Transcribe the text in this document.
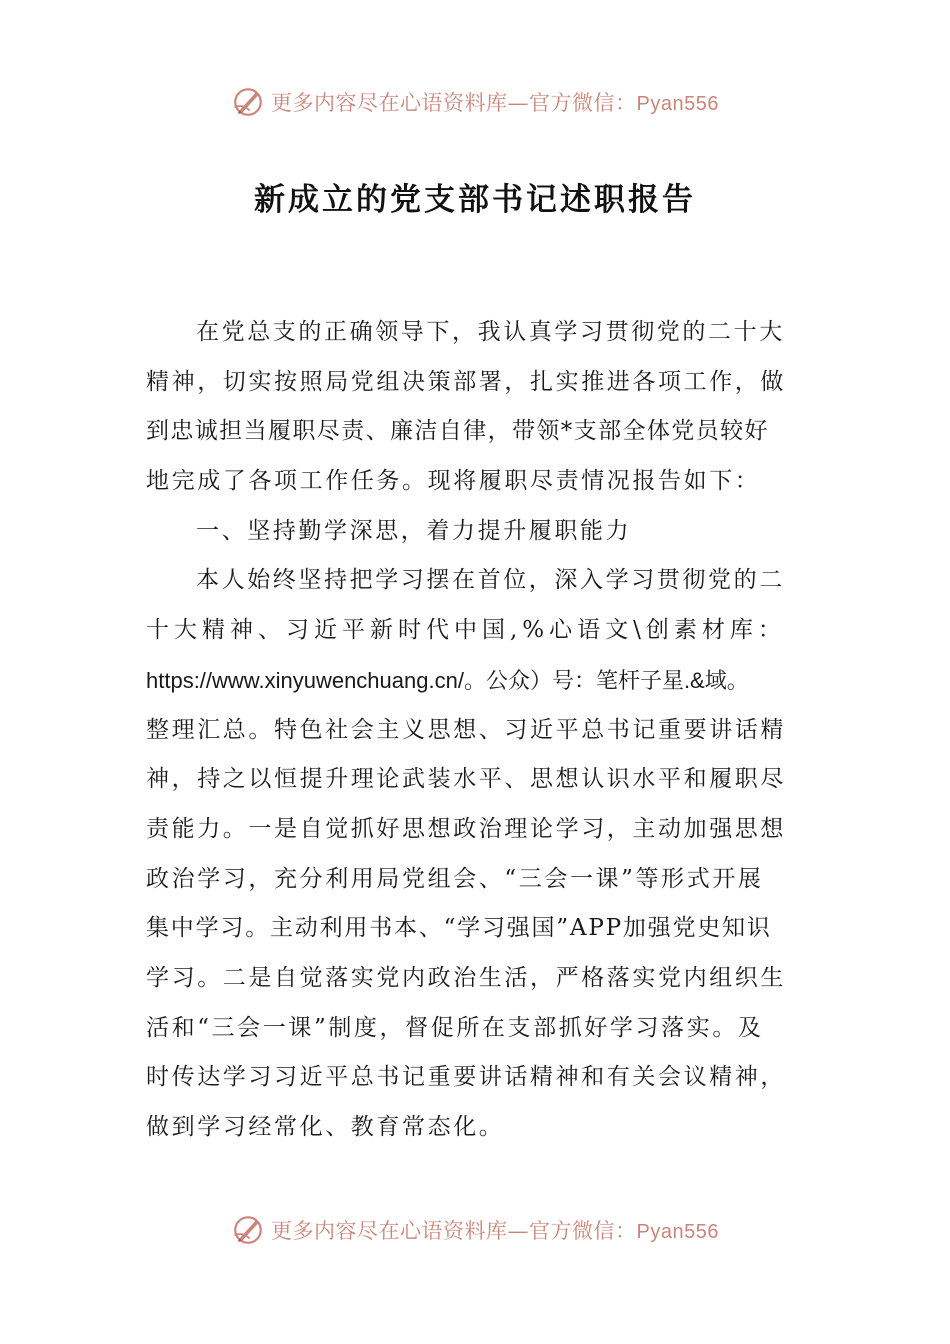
更多内容尽在心语资料库—官方微信：Pyan556
新成立的党支部书记述职报告
在党总支的正确领导下，我认真学习贯彻党的二十大
精神，切实按照局党组决策部署，扎实推进各项工作，做
到忠诚担当履职尽责、廉洁自律，带领*支部全体党员较好
地完成了各项工作任务。现将履职尽责情况报告如下：
一、坚持勤学深思，着力提升履职能力
本人始终坚持把学习摆在首位，深入学习贯彻党的二
十大精神、习近平新时代中国,%心语文\创素材库：
https://www.xinyuwenchuang.cn/。公众）号：笔杆子星.&域。
整理汇总。特色社会主义思想、习近平总书记重要讲话精
神，持之以恒提升理论武装水平、思想认识水平和履职尽
责能力。一是自觉抓好思想政治理论学习，主动加强思想
政治学习，充分利用局党组会、“三会一课”等形式开展
集中学习。主动利用书本、“学习强国”APP加强党史知识
学习。二是自觉落实党内政治生活，严格落实党内组织生
活和“三会一课”制度，督促所在支部抓好学习落实。及
时传达学习习近平总书记重要讲话精神和有关会议精神，
做到学习经常化、教育常态化。
更多内容尽在心语资料库—官方微信：Pyan556
